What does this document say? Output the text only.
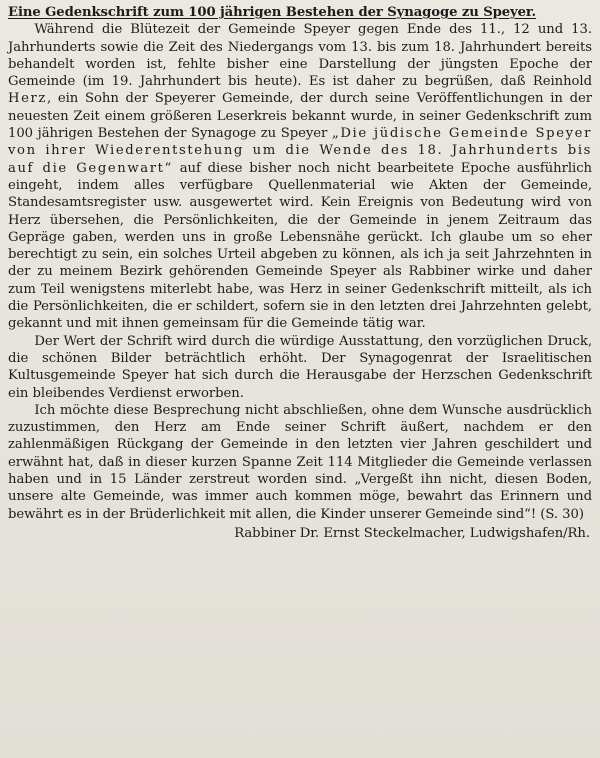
Eine Gedenkschrift zum 100 jährigen Bestehen der Synagoge zu Speyer.

Während die Blütezeit der Gemeinde Speyer gegen Ende des 11., 12 und 13. Jahrhunderts sowie die Zeit des Niedergangs vom 13. bis zum 18. Jahrhundert bereits behandelt worden ist, fehlte bisher eine Darstellung der jüngsten Epoche der Gemeinde (im 19. Jahrhundert bis heute). Es ist daher zu begrüßen, daß Reinhold Herz, ein Sohn der Speyerer Gemeinde, der durch seine Veröffentlichungen in der neuesten Zeit einem größeren Leserkreis bekannt wurde, in seiner Gedenkschrift zum 100 jährigen Bestehen der Synagoge zu Speyer „Die jüdische Gemeinde Speyer von ihrer Wiederentstehung um die Wende des 18. Jahrhunderts bis auf die Gegenwart“ auf diese bisher noch nicht bearbeitete Epoche ausführlich eingeht, indem alles verfügbare Quellenmaterial wie Akten der Gemeinde, Standesamtsregister usw. ausgewertet wird. Kein Ereignis von Bedeutung wird von Herz übersehen, die Persönlichkeiten, die der Gemeinde in jenem Zeitraum das Gepräge gaben, werden uns in große Lebensnähe gerückt. Ich glaube um so eher berechtigt zu sein, ein solches Urteil abgeben zu können, als ich ja seit Jahrzehnten in der zu meinem Bezirk gehörenden Gemeinde Speyer als Rabbiner wirke und daher zum Teil wenigstens miterlebt habe, was Herz in seiner Gedenkschrift mitteilt, als ich die Persönlichkeiten, die er schildert, sofern sie in den letzten drei Jahrzehnten gelebt, gekannt und mit ihnen gemeinsam für die Gemeinde tätig war.

Der Wert der Schrift wird durch die würdige Ausstattung, den vorzüglichen Druck, die schönen Bilder beträchtlich erhöht. Der Synagogenrat der Israelitischen Kultusgemeinde Speyer hat sich durch die Herausgabe der Herzschen Gedenkschrift ein bleibendes Verdienst erworben.

Ich möchte diese Besprechung nicht abschließen, ohne dem Wunsche ausdrücklich zuzustimmen, den Herz am Ende seiner Schrift äußert, nachdem er den zahlenmäßigen Rückgang der Gemeinde in den letzten vier Jahren geschildert und erwähnt hat, daß in dieser kurzen Spanne Zeit 114 Mitglieder die Gemeinde verlassen haben und in 15 Länder zerstreut worden sind. „Vergeßt ihn nicht, diesen Boden, unsere alte Gemeinde, was immer auch kommen möge, bewahrt das Erinnern und bewährt es in der Brüderlichkeit mit allen, die Kinder unserer Gemeinde sind“! (S. 30)

Rabbiner Dr. Ernst Steckelmacher, Ludwigshafen/Rh.
